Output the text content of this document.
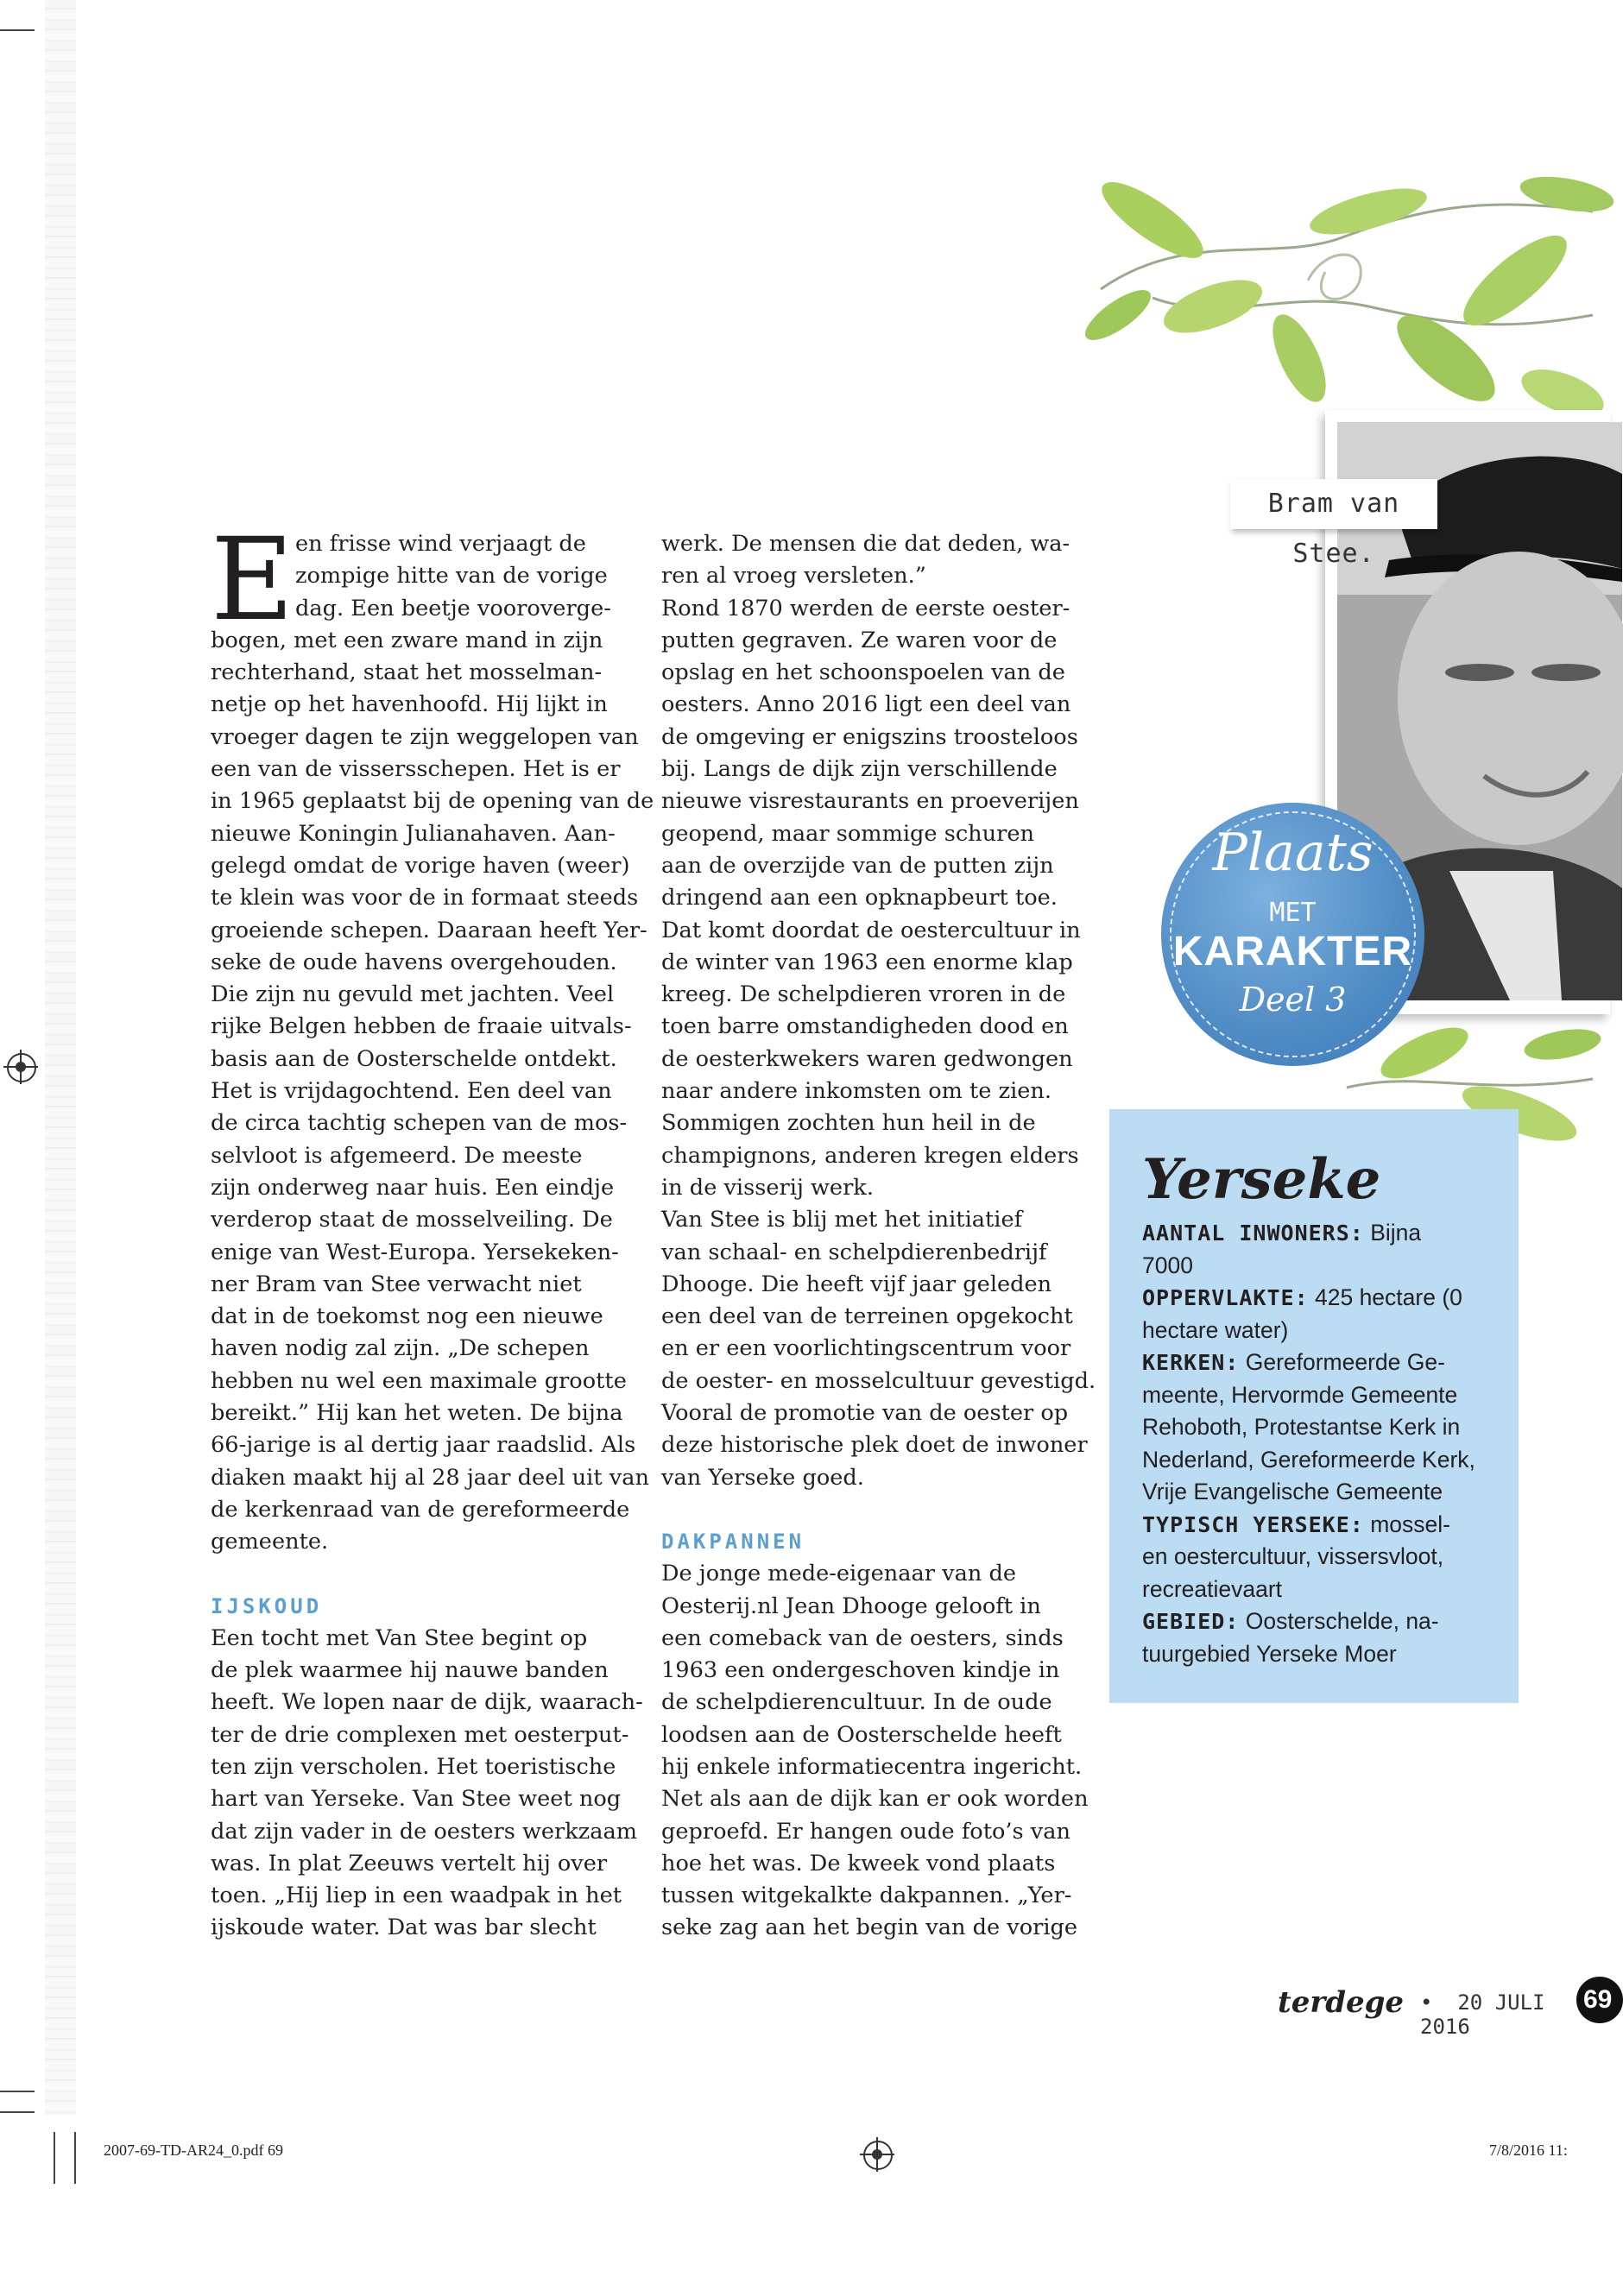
Bram van Stee.
Plaats
MET
KARAKTER
Deel 3
E en frisse wind verjaagt de

zompige hitte van de vorige

dag. Een beetje vooroverge-

bogen, met een zware mand in zijn

rechterhand, staat het mosselman-

netje op het havenhoofd. Hij lijkt in

vroeger dagen te zijn weggelopen van

een van de vissersschepen. Het is er

in 1965 geplaatst bij de opening van de

nieuwe Koningin Julianahaven. Aan-

gelegd omdat de vorige haven (weer)

te klein was voor de in formaat steeds

groeiende schepen. Daaraan heeft Yer-

seke de oude havens overgehouden.

Die zijn nu gevuld met jachten. Veel

rijke Belgen hebben de fraaie uitvals-

basis aan de Oosterschelde ontdekt.

Het is vrijdagochtend. Een deel van

de circa tachtig schepen van de mos-

selvloot is afgemeerd. De meeste

zijn onderweg naar huis. Een eindje

verderop staat de mosselveiling. De

enige van West-Europa. Yersekeken-

ner Bram van Stee verwacht niet

dat in de toekomst nog een nieuwe

haven nodig zal zijn. „De schepen

hebben nu wel een maximale grootte

bereikt.” Hij kan het weten. De bijna

66-jarige is al dertig jaar raadslid. Als

diaken maakt hij al 28 jaar deel uit van

de kerkenraad van de gereformeerde

gemeente.

IJSKOUD

Een tocht met Van Stee begint op

de plek waarmee hij nauwe banden

heeft. We lopen naar de dijk, waarach-

ter de drie complexen met oesterput-

ten zijn verscholen. Het toeristische

hart van Yerseke. Van Stee weet nog

dat zijn vader in de oesters werkzaam

was. In plat Zeeuws vertelt hij over

toen. „Hij liep in een waadpak in het

ijskoude water. Dat was bar slecht

werk. De mensen die dat deden, wa-

ren al vroeg versleten.”

Rond 1870 werden de eerste oester-

putten gegraven. Ze waren voor de

opslag en het schoonspoelen van de

oesters. Anno 2016 ligt een deel van

de omgeving er enigszins troosteloos

bij. Langs de dijk zijn verschillende

nieuwe visrestaurants en proeverijen

geopend, maar sommige schuren

aan de overzijde van de putten zijn

dringend aan een opknapbeurt toe.

Dat komt doordat de oestercultuur in

de winter van 1963 een enorme klap

kreeg. De schelpdieren vroren in de

toen barre omstandigheden dood en

de oesterkwekers waren gedwongen

naar andere inkomsten om te zien.

Sommigen zochten hun heil in de

champignons, anderen kregen elders

in de visserij werk.

Van Stee is blij met het initiatief

van schaal- en schelpdierenbedrijf

Dhooge. Die heeft vijf jaar geleden

een deel van de terreinen opgekocht

en er een voorlichtingscentrum voor

de oester- en mosselcultuur gevestigd.

Vooral de promotie van de oester op

deze historische plek doet de inwoner

van Yerseke goed.

DAKPANNEN

De jonge mede-eigenaar van de

Oesterij.nl Jean Dhooge gelooft in

een comeback van de oesters, sinds

1963 een ondergeschoven kindje in

de schelpdierencultuur. In de oude

loodsen aan de Oosterschelde heeft

hij enkele informatiecentra ingericht.

Net als aan de dijk kan er ook worden

geproefd. Er hangen oude foto’s van

hoe het was. De kweek vond plaats

tussen witgekalkte dakpannen. „Yer-

seke zag aan het begin van de vorige

Yerseke

AANTAL INWONERS: Bijna

7000

OPPERVLAKTE: 425 hectare (0

hectare water)

KERKEN: Gereformeerde Ge-

meente, Hervormde Gemeente

Rehoboth, Protestantse Kerk in

Nederland, Gereformeerde Kerk,

Vrije Evangelische Gemeente

TYPISCH YERSEKE: mossel-

en oestercultuur, vissersvloot,

recreatievaart

GEBIED: Oosterschelde, na-

tuurgebied Yerseke Moer

terdege • 20 JULI 2016
69
2007-69-TD-AR24_0.pdf 69	7/8/2016 11:
